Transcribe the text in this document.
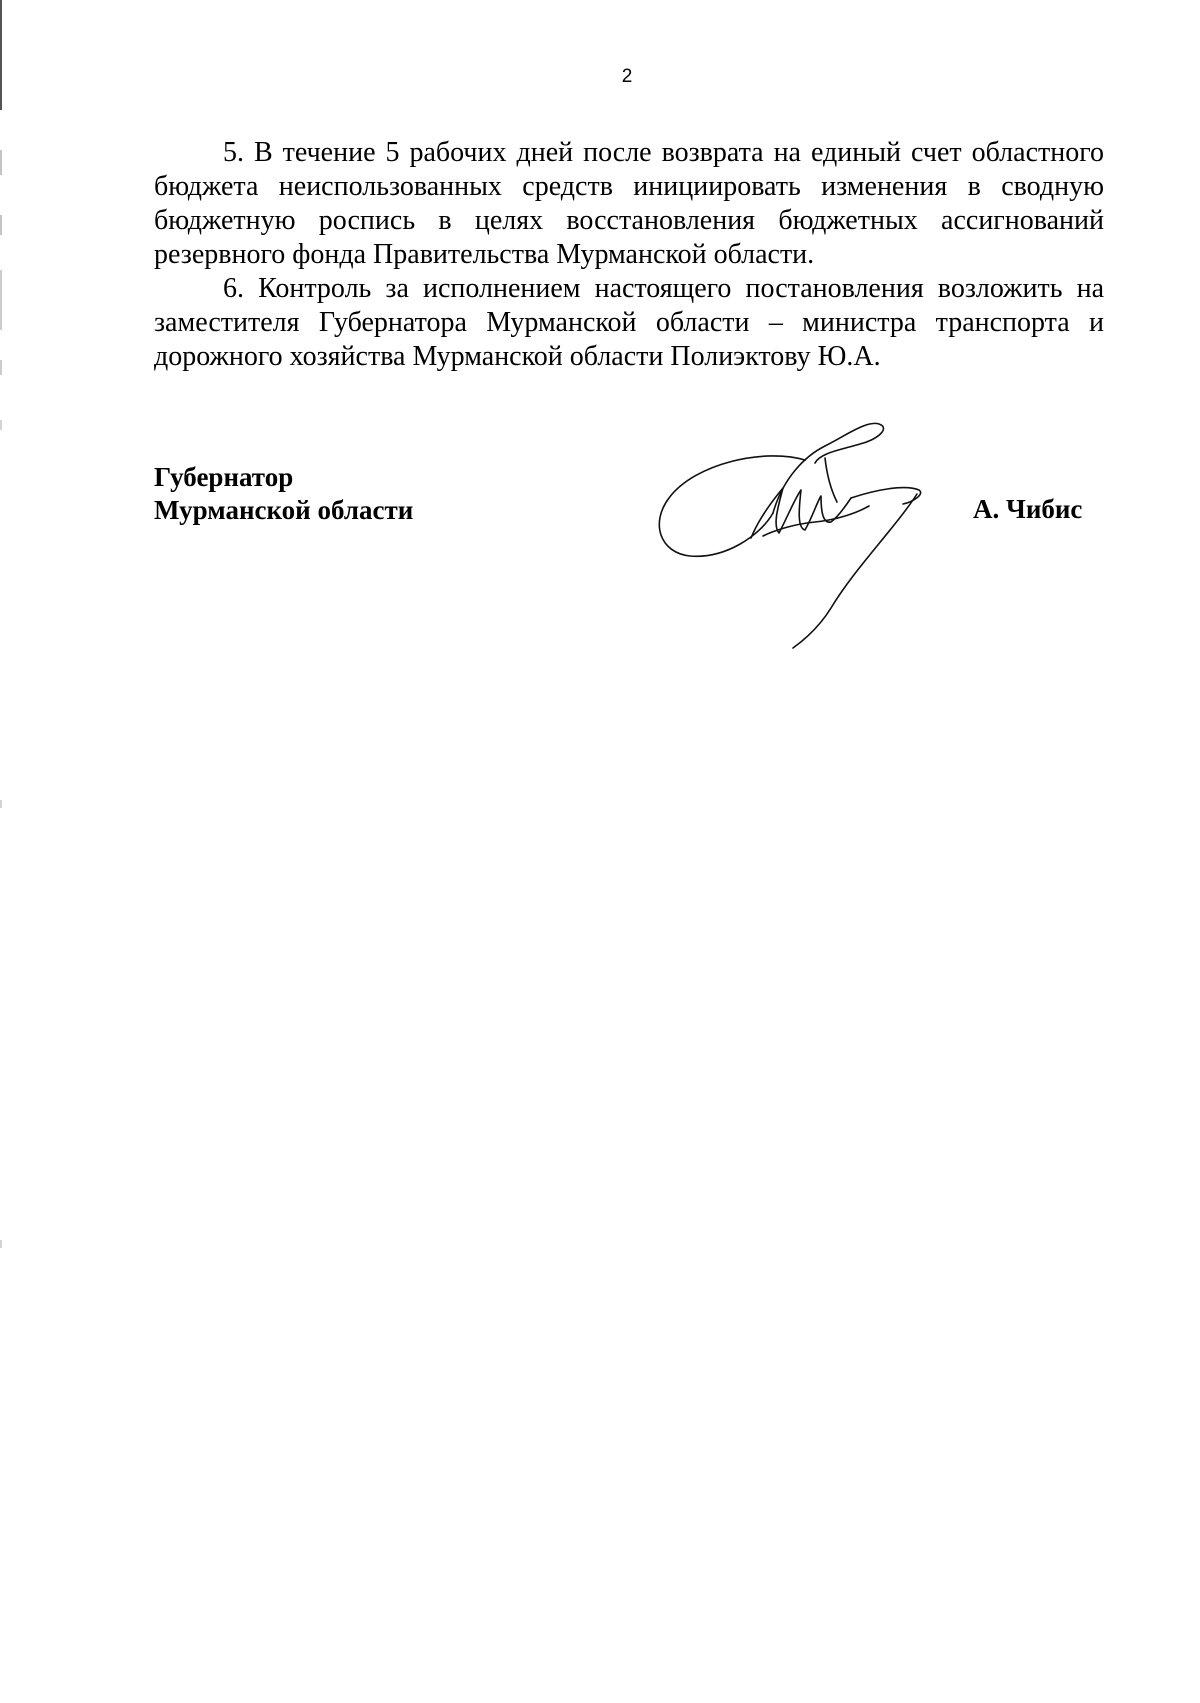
2

5. В течение 5 рабочих дней после возврата на единый счет областного бюджета неиспользованных средств инициировать изменения в сводную бюджетную роспись в целях восстановления бюджетных ассигнований резервного фонда Правительства Мурманской области.

6. Контроль за исполнением настоящего постановления возложить на заместителя Губернатора Мурманской области – министра транспорта и дорожного хозяйства Мурманской области Полиэктову Ю.А.

Губернатор
Мурманской области	А. Чибис
